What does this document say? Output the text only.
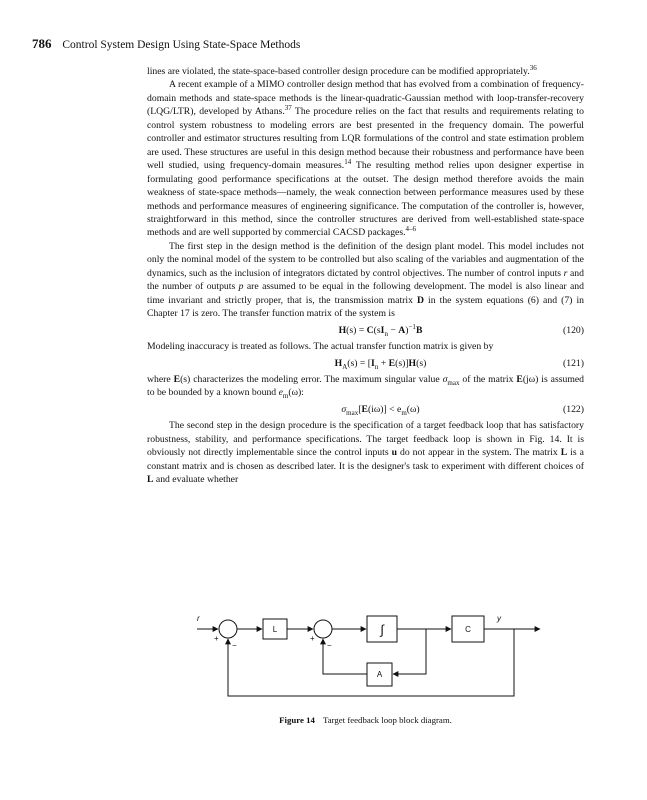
786 Control System Design Using State-Space Methods

lines are violated, the state-space-based controller design procedure can be modified appropriately.$^{36}$

A recent example of a MIMO controller design method that has evolved from a combination of frequency-domain methods and state-space methods is the linear-quadratic-Gaussian method with loop-transfer-recovery (LQG/LTR), developed by Athans.$^{37}$ The procedure relies on the fact that results and requirements relating to control system robustness to modeling errors are best presented in the frequency domain. The powerful controller and estimator structures resulting from LQR formulations of the control and state estimation problem are used. These structures are useful in this design method because their robustness and performance have been well studied, using frequency-domain measures.$^{14}$ The resulting method relies upon designer expertise in formulating good performance specifications at the outset. The design method therefore avoids the main weakness of state-space methods—namely, the weak connection between performance measures used by these methods and performance measures of engineering significance. The computation of the controller is, however, straightforward in this method, since the controller structures are derived from well-established state-space methods and are well supported by commercial CACSD packages.$^{4-6}$

The first step in the design method is the definition of the design plant model. This model includes not only the nominal model of the system to be controlled but also scaling of the variables and augmentation of the dynamics, such as the inclusion of integrators dictated by control objectives. The number of control inputs r and the number of outputs p are assumed to be equal in the following development. The model is also linear and time invariant and strictly proper, that is, the transmission matrix D in the system equations (6) and (7) in Chapter 17 is zero. The transfer function matrix of the system is

$H(s) = C(sI_n - A)^{-1}B$	(120)

Modeling inaccuracy is treated as follows. The actual transfer function matrix is given by

$H_A(s) = [I_n + E(s)]H(s)$	(121)

where E(s) characterizes the modeling error. The maximum singular value $\sigma_{max}$ of the matrix E(jω) is assumed to be bounded by a known bound $e_m(\omega)$:

$\sigma_{max}[E(i\omega)] < e_m(\omega)$	(122)

The second step in the design procedure is the specification of a target feedback loop that has satisfactory robustness, stability, and performance specifications. The target feedback loop is shown in Fig. 14. It is obviously not directly implementable since the control inputs u do not appear in the system. The matrix L is a constant matrix and is chosen as described later. It is the designer's task to experiment with different choices of L and evaluate whether

r	y
L	∫	C
A
+
−
+
−
Figure 14 Target feedback loop block diagram.
